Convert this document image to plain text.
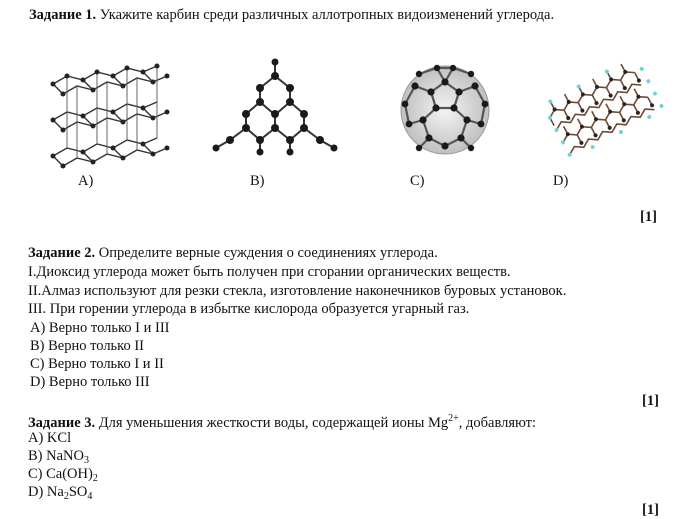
Задание 1. Укажите карбин среди различных аллотропных видоизменений углерода.
A)	B)	C)	D)
[1]
Задание 2. Определите верные суждения о соединениях углерода.
I.Диоксид углерода может быть получен при сгорании органических веществ.
II.Алмаз используют для резки стекла, изготовление наконечников буровых установок.
III. При горении углерода в избытке кислорода образуется угарный газ.
A) Верно только I и III
B) Верно только II
C) Верно только I и II
D) Верно только III
[1]
Задание 3. Для уменьшения жесткости воды, содержащей ионы $Mg^{2+}$, добавляют:
A) KCl
B) NaNO$_3$
C) $Ca(OH)_2$
D) $Na_2SO_4$
[1]
